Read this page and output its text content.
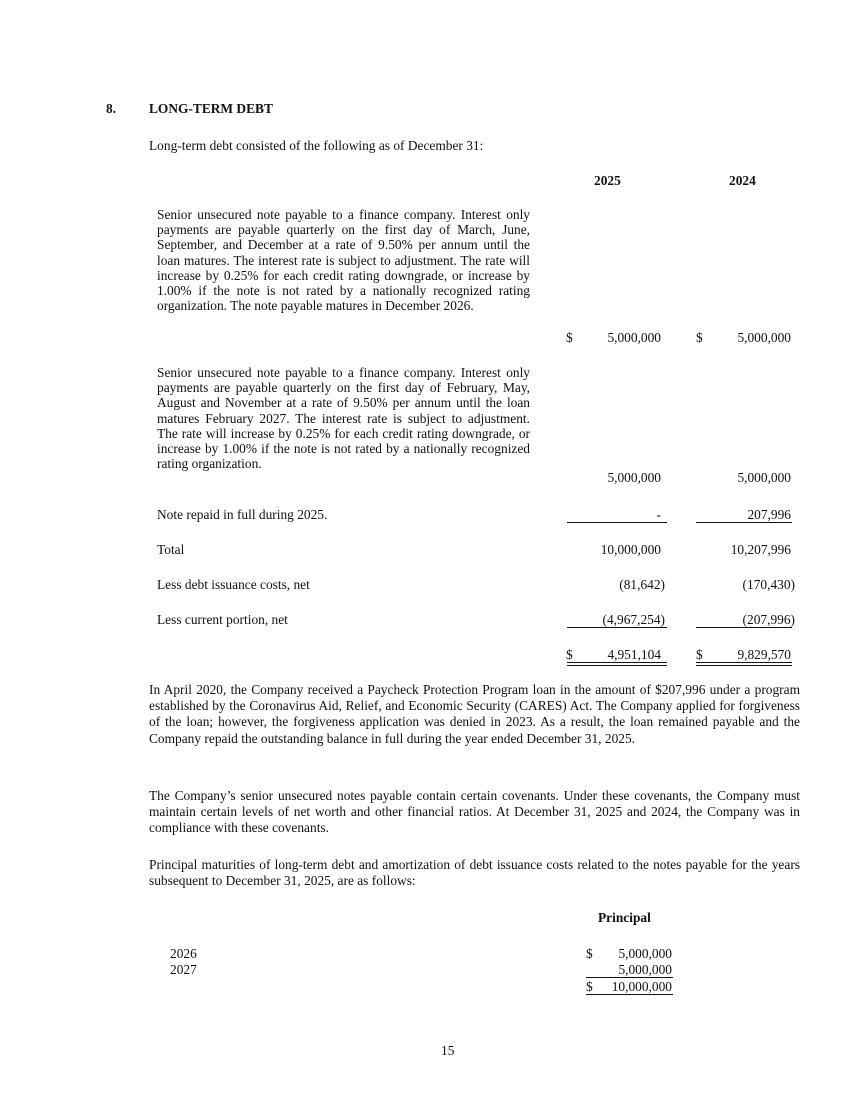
8. LONG-TERM DEBT
Long-term debt consisted of the following as of December 31:
2025	2024
Senior unsecured note payable to a finance company. Interest only payments are payable quarterly on the first day of March, June, September, and December at a rate of 9.50% per annum until the loan matures. The interest rate is subject to adjustment. The rate will increase by 0.25% for each credit rating downgrade, or increase by 1.00% if the note is not rated by a nationally recognized rating organization. The note payable matures in December 2026.
$	5,000,000	$	5,000,000
Senior unsecured note payable to a finance company. Interest only payments are payable quarterly on the first day of February, May, August and November at a rate of 9.50% per annum until the loan matures February 2027. The interest rate is subject to adjustment. The rate will increase by 0.25% for each credit rating downgrade, or increase by 1.00% if the note is not rated by a nationally recognized rating organization.
5,000,000	5,000,000
Note repaid in full during 2025.	-	207,996
Total	10,000,000	10,207,996
Less debt issuance costs, net	(81,642)	(170,430)
Less current portion, net	(4,967,254)	(207,996)
$	4,951,104	$	9,829,570
In April 2020, the Company received a Paycheck Protection Program loan in the amount of $207,996 under a program established by the Coronavirus Aid, Relief, and Economic Security (CARES) Act. The Company applied for forgiveness of the loan; however, the forgiveness application was denied in 2023. As a result, the loan remained payable and the Company repaid the outstanding balance in full during the year ended December 31, 2025.
The Company’s senior unsecured notes payable contain certain covenants. Under these covenants, the Company must maintain certain levels of net worth and other financial ratios. At December 31, 2025 and 2024, the Company was in compliance with these covenants.
Principal maturities of long-term debt and amortization of debt issuance costs related to the notes payable for the years subsequent to December 31, 2025, are as follows:
Principal
2026	$	5,000,000
2027	5,000,000
$	10,000,000
15
